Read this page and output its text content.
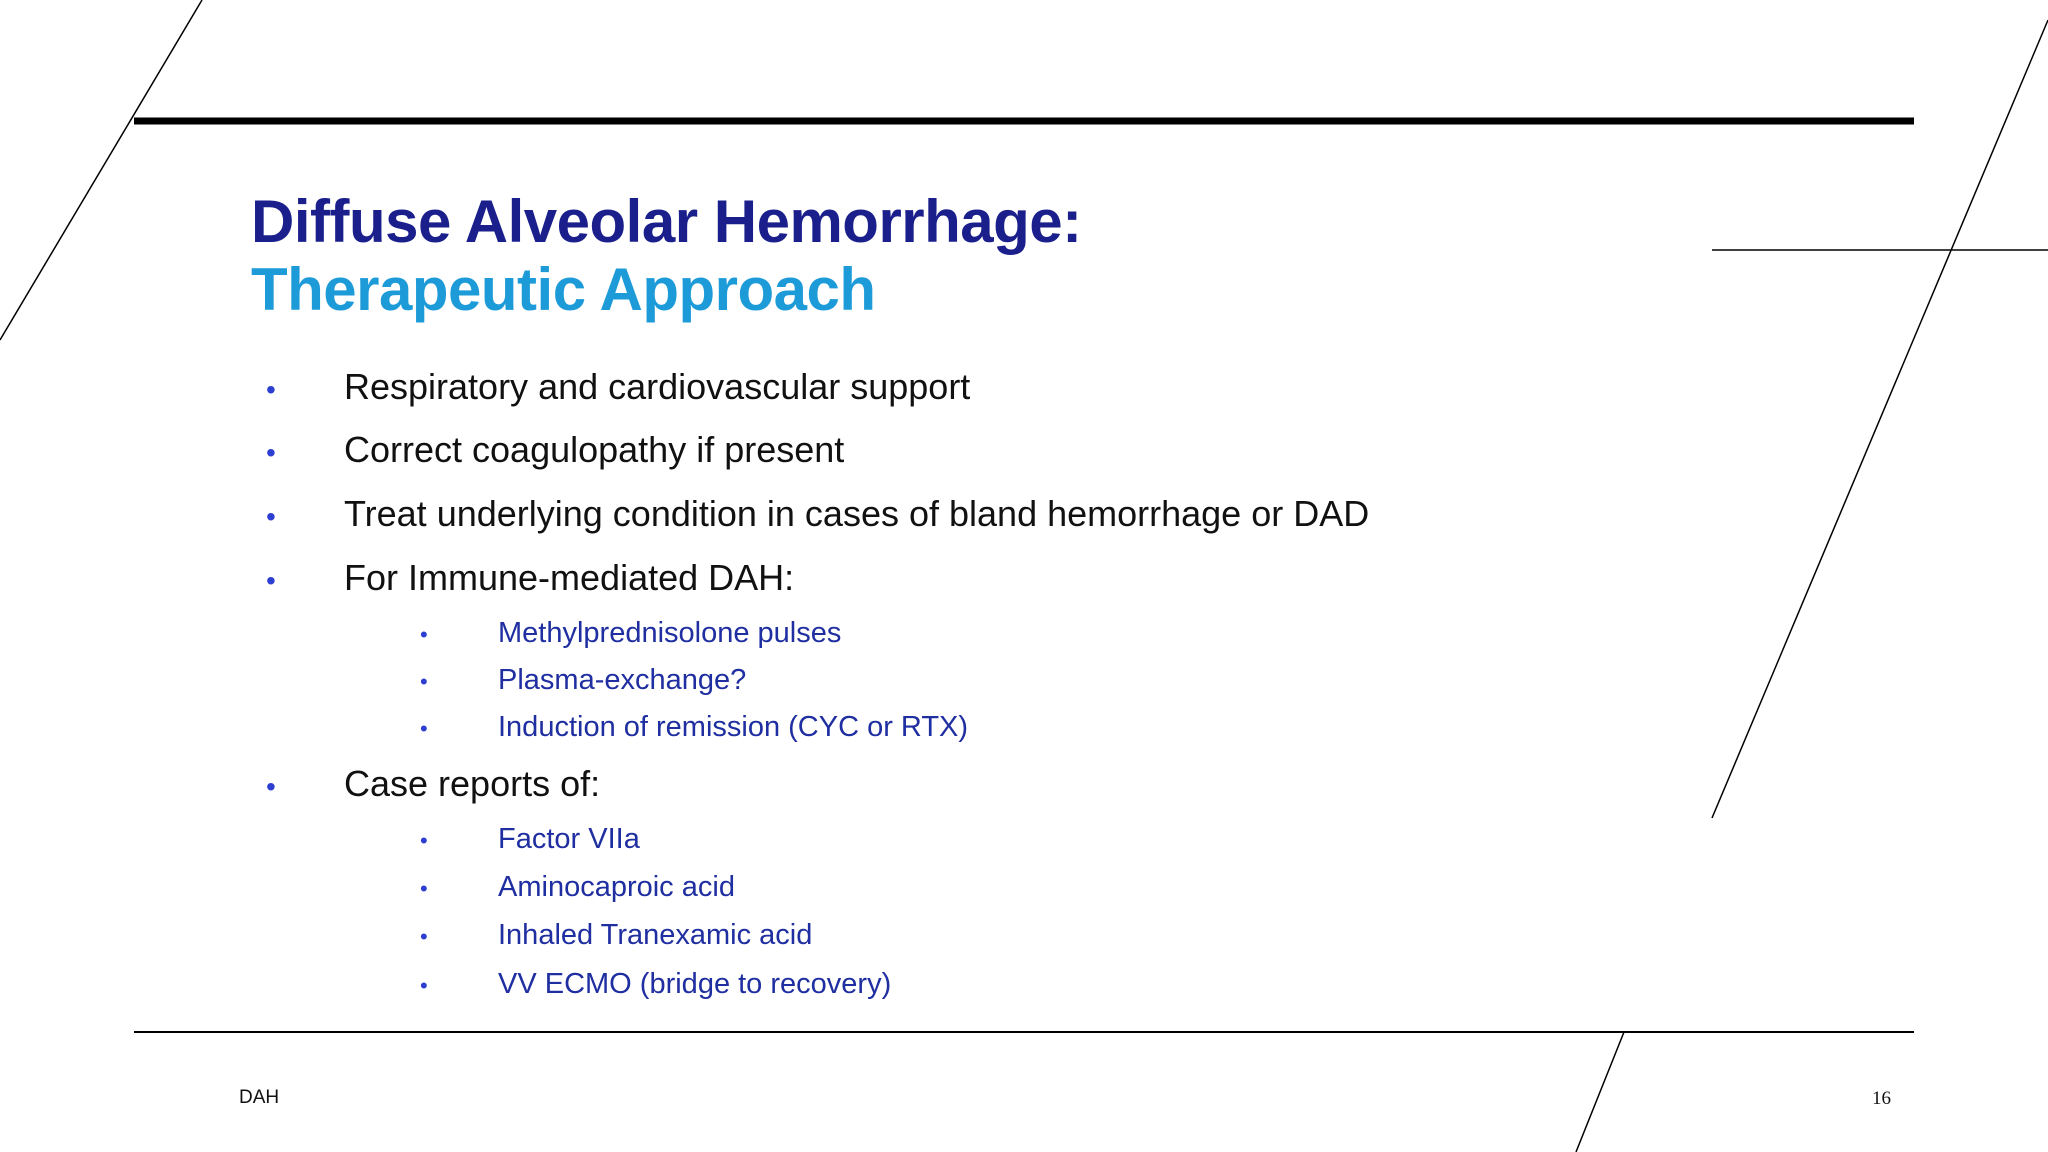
Diffuse Alveolar Hemorrhage:
Therapeutic Approach
• Respiratory and cardiovascular support
• Correct coagulopathy if present
• Treat underlying condition in cases of bland hemorrhage or DAD
• For Immune-mediated DAH:
• Methylprednisolone pulses
• Plasma-exchange?
• Induction of remission (CYC or RTX)
• Case reports of:
• Factor VIIa
• Aminocaproic acid
• Inhaled Tranexamic acid
• VV ECMO (bridge to recovery)
DAH	16
